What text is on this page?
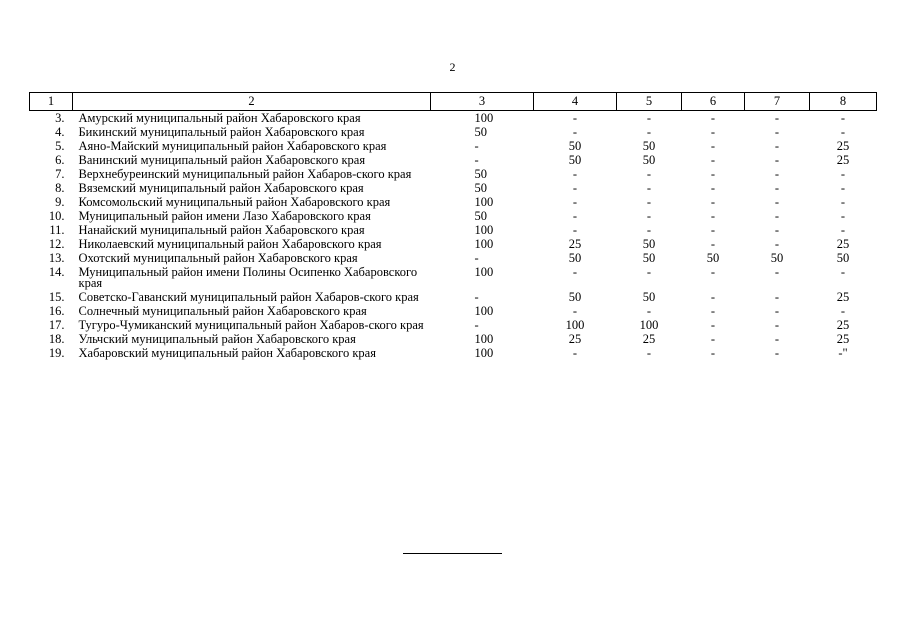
2
1	2	3	4	5	6	7	8
3.	Амурский муниципальный район Хабаровского края	100	-	-	-	-	-
4.	Бикинский муниципальный район Хабаровского края	50	-	-	-	-	-
5.	Аяно-Майский муниципальный район Хабаровского края	-	50	50	-	-	25
6.	Ванинский муниципальный район Хабаровского края	-	50	50	-	-	25
7.	Верхнебуреинский муниципальный район Хабаров-ского края	50	-	-	-	-	-
8.	Вяземский муниципальный район Хабаровского края	50	-	-	-	-	-
9.	Комсомольский муниципальный район Хабаровского края	100	-	-	-	-	-
10.	Муниципальный район имени Лазо Хабаровского края	50	-	-	-	-	-
11.	Нанайский муниципальный район Хабаровского края	100	-	-	-	-	-
12.	Николаевский муниципальный район Хабаровского края	100	25	50	-	-	25
13.	Охотский муниципальный район Хабаровского края	-	50	50	50	50	50
14.	Муниципальный район имени Полины Осипенко Хабаровского края	100	-	-	-	-	-
15.	Советско-Гаванский муниципальный район Хабаров-ского края	-	50	50	-	-	25
16.	Солнечный муниципальный район Хабаровского края	100	-	-	-	-	-
17.	Тугуро-Чумиканский муниципальный район Хабаров-ского края	-	100	100	-	-	25
18.	Ульчский муниципальный район Хабаровского края	100	25	25	-	-	25
19.	Хабаровский муниципальный район Хабаровского края	100	-	-	-	-	-"
